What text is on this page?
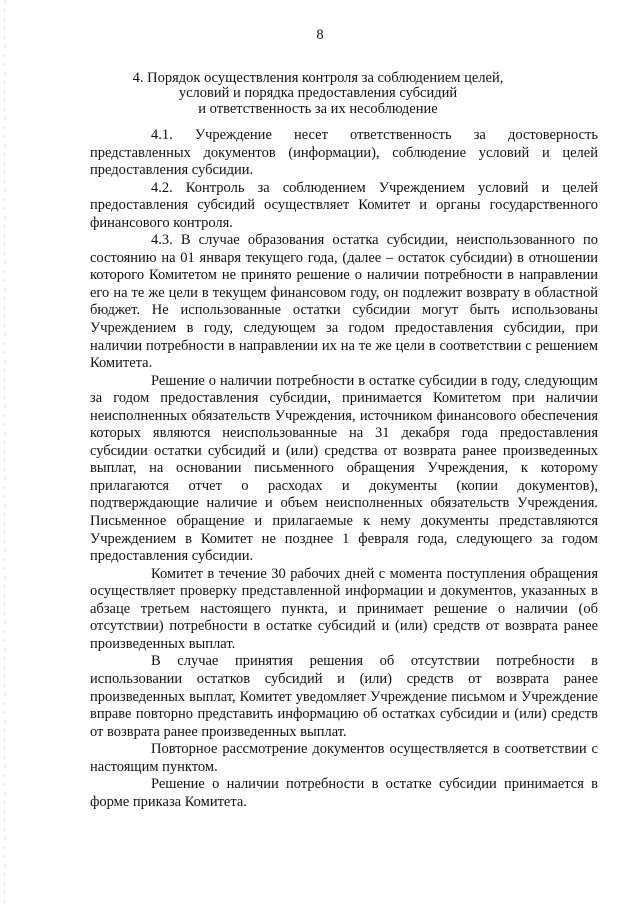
8
4. Порядок осуществления контроля за соблюдением целей,
условий и порядка предоставления субсидий
и ответственность за их несоблюдение

4.1. Учреждение несет ответственность за достоверность представленных документов (информации), соблюдение условий и целей предоставления субсидии.

4.2. Контроль за соблюдением Учреждением условий и целей предоставления субсидий осуществляет Комитет и органы государственного финансового контроля.

4.3. В случае образования остатка субсидии, неиспользованного по состоянию на 01 января текущего года, (далее – остаток субсидии) в отношении которого Комитетом не принято решение о наличии потребности в направлении его на те же цели в текущем финансовом году, он подлежит возврату в областной бюджет. Не использованные остатки субсидии могут быть использованы Учреждением в году, следующем за годом предоставления субсидии, при наличии потребности в направлении их на те же цели в соответствии с решением Комитета.

Решение о наличии потребности в остатке субсидии в году, следующим за годом предоставления субсидии, принимается Комитетом при наличии неисполненных обязательств Учреждения, источником финансового обеспечения которых являются неиспользованные на 31 декабря года предоставления субсидии остатки субсидий и (или) средства от возврата ранее произведенных выплат, на основании письменного обращения Учреждения, к которому прилагаются отчет о расходах и документы (копии документов), подтверждающие наличие и объем неисполненных обязательств Учреждения. Письменное обращение и прилагаемые к нему документы представляются Учреждением в Комитет не позднее 1 февраля года, следующего за годом предоставления субсидии.

Комитет в течение 30 рабочих дней с момента поступления обращения осуществляет проверку представленной информации и документов, указанных в абзаце третьем настоящего пункта, и принимает решение о наличии (об отсутствии) потребности в остатке субсидий и (или) средств от возврата ранее произведенных выплат.

В случае принятия решения об отсутствии потребности в использовании остатков субсидий и (или) средств от возврата ранее произведенных выплат, Комитет уведомляет Учреждение письмом и Учреждение вправе повторно представить информацию об остатках субсидии и (или) средств от возврата ранее произведенных выплат.

Повторное рассмотрение документов осуществляется в соответствии с настоящим пунктом.

Решение о наличии потребности в остатке субсидии принимается в форме приказа Комитета.
